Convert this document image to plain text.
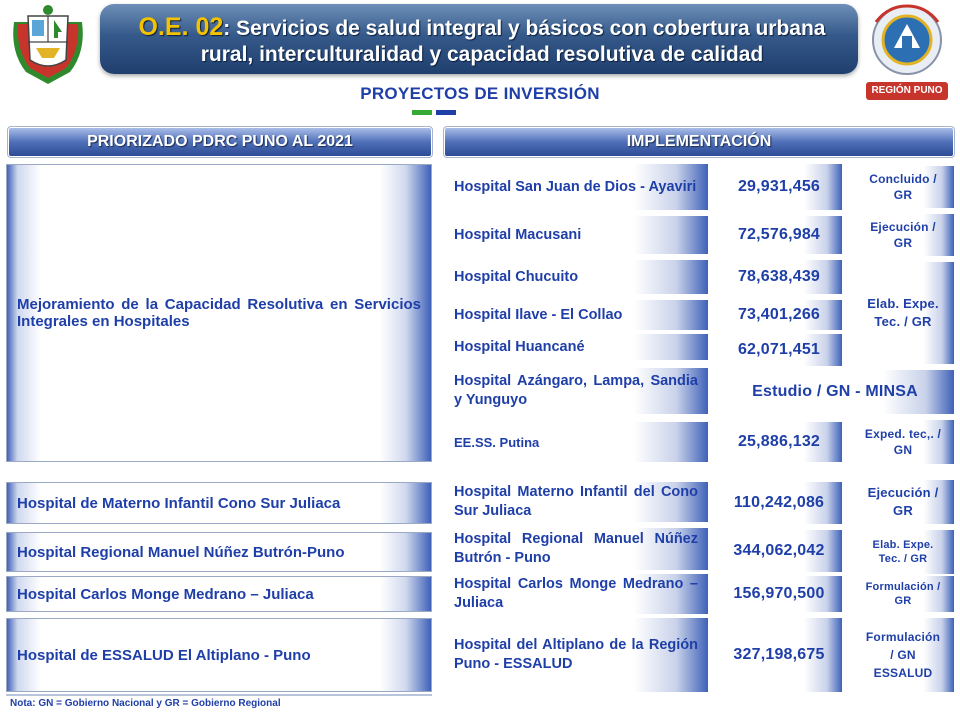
O.E. 02: Servicios de salud integral y básicos con cobertura urbana rural, interculturalidad y capacidad resolutiva de calidad
REGIÓN PUNO
PROYECTOS DE INVERSIÓN
PRIORIZADO PDRC PUNO AL 2021	IMPLEMENTACIÓN
Mejoramiento de la Capacidad Resolutiva en Servicios Integrales en Hospitales
Hospital de Materno Infantil Cono Sur Juliaca
Hospital Regional Manuel Núñez Butrón-Puno
Hospital Carlos Monge Medrano – Juliaca
Hospital de ESSALUD El Altiplano - Puno
Hospital San Juan de Dios - Ayaviri
Hospital Macusani
Hospital Chucuito
Hospital Ilave - El Collao
Hospital Huancané
Hospital Azángaro, Lampa, Sandia y Yunguyo
EE.SS. Putina
Hospital Materno Infantil del Cono Sur Juliaca
Hospital Regional Manuel Núñez Butrón - Puno
Hospital Carlos Monge Medrano – Juliaca
Hospital del Altiplano de la Región Puno - ESSALUD
29,931,456
72,576,984
78,638,439
73,401,266
62,071,451
Estudio / GN - MINSA
25,886,132
110,242,086
344,062,042
156,970,500
327,198,675
Concluido / GR
Ejecución / GR
Elab. Expe. Tec. / GR
Exped. tec,. / GN
Ejecución / GR
Elab. Expe. Tec. / GR
Formulación / GR
Formulación / GN ESSALUD
Nota: GN = Gobierno Nacional y GR = Gobierno Regional
